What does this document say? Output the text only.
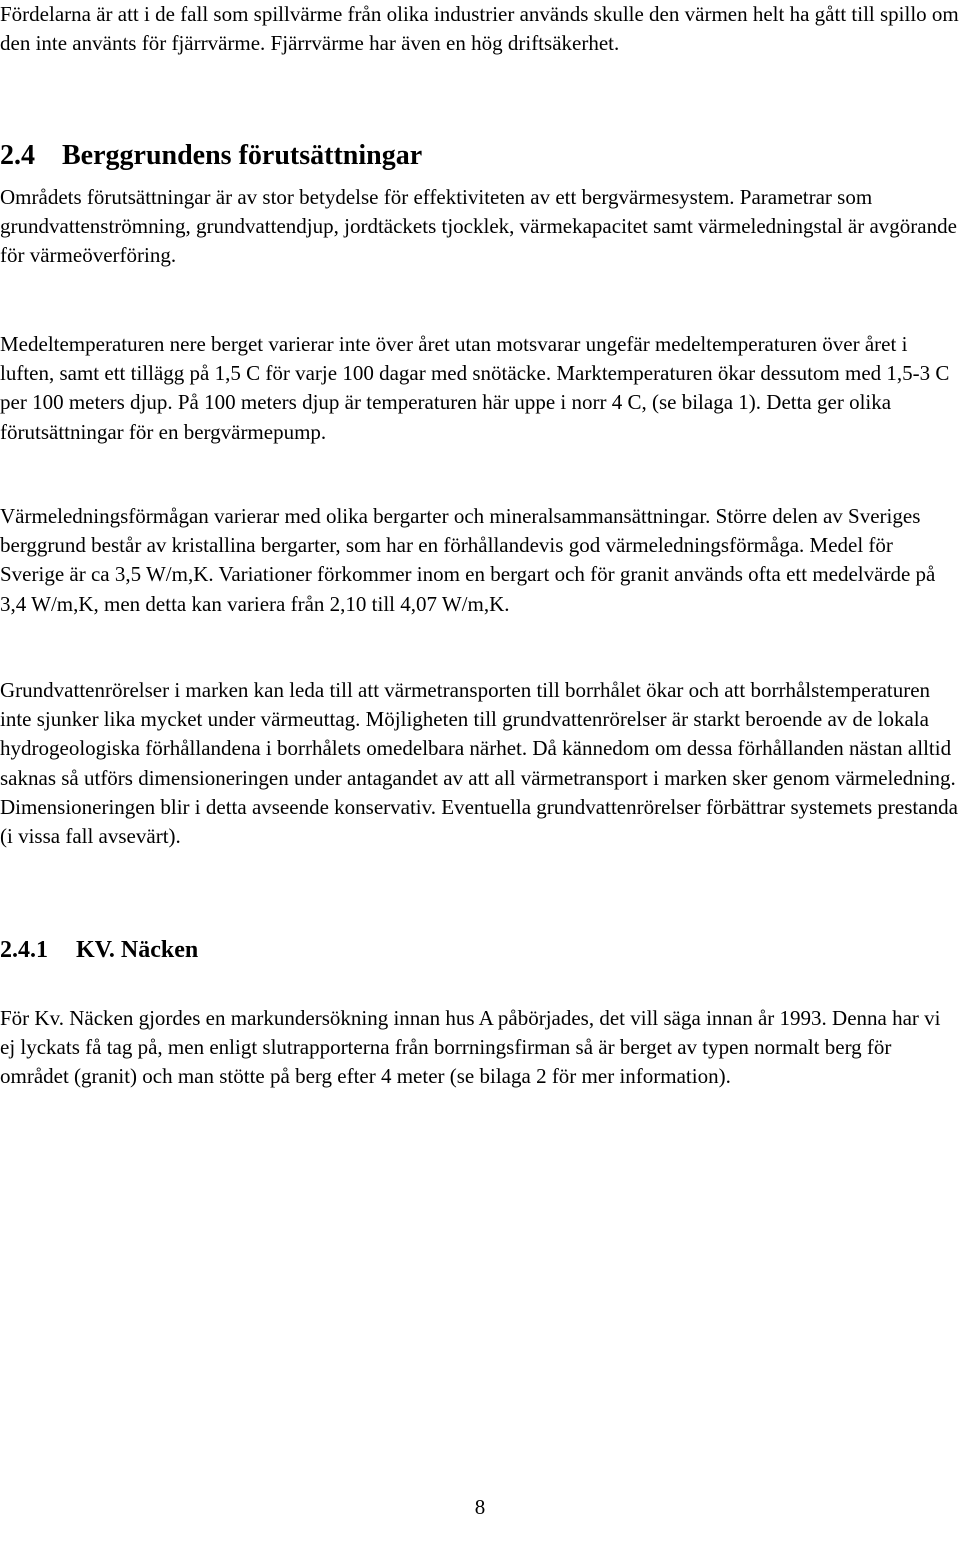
Fördelarna är att i de fall som spillvärme från olika industrier används skulle den värmen helt ha gått till spillo om den inte använts för fjärrvärme. Fjärrvärme har även en hög driftsäkerhet.

2.4 Berggrundens förutsättningar

Områdets förutsättningar är av stor betydelse för effektiviteten av ett bergvärmesystem. Parametrar som grundvattenströmning, grundvattendjup, jordtäckets tjocklek, värmekapacitet samt värmeledningstal är avgörande för värmeöverföring.

Medeltemperaturen nere berget varierar inte över året utan motsvarar ungefär medeltemperaturen över året i luften, samt ett tillägg på 1,5 C för varje 100 dagar med snötäcke. Marktemperaturen ökar dessutom med 1,5-3 C per 100 meters djup. På 100 meters djup är temperaturen här uppe i norr 4 C, (se bilaga 1). Detta ger olika förutsättningar för en bergvärmepump.

Värmeledningsförmågan varierar med olika bergarter och mineralsammansättningar. Större delen av Sveriges berggrund består av kristallina bergarter, som har en förhållandevis god värmeledningsförmåga. Medel för Sverige är ca 3,5 W/m,K. Variationer förkommer inom en bergart och för granit används ofta ett medelvärde på 3,4 W/m,K, men detta kan variera från 2,10 till 4,07 W/m,K.

Grundvattenrörelser i marken kan leda till att värmetransporten till borrhålet ökar och att borrhålstemperaturen inte sjunker lika mycket under värmeuttag. Möjligheten till grundvattenrörelser är starkt beroende av de lokala hydrogeologiska förhållandena i borrhålets omedelbara närhet. Då kännedom om dessa förhållanden nästan alltid saknas så utförs dimensioneringen under antagandet av att all värmetransport i marken sker genom värmeledning. Dimensioneringen blir i detta avseende konservativ. Eventuella grundvattenrörelser förbättrar systemets prestanda (i vissa fall avsevärt).

2.4.1 KV. Näcken

För Kv. Näcken gjordes en markundersökning innan hus A påbörjades, det vill säga innan år 1993. Denna har vi ej lyckats få tag på, men enligt slutrapporterna från borrningsfirman så är berget av typen normalt berg för området (granit) och man stötte på berg efter 4 meter (se bilaga 2 för mer information).

8
